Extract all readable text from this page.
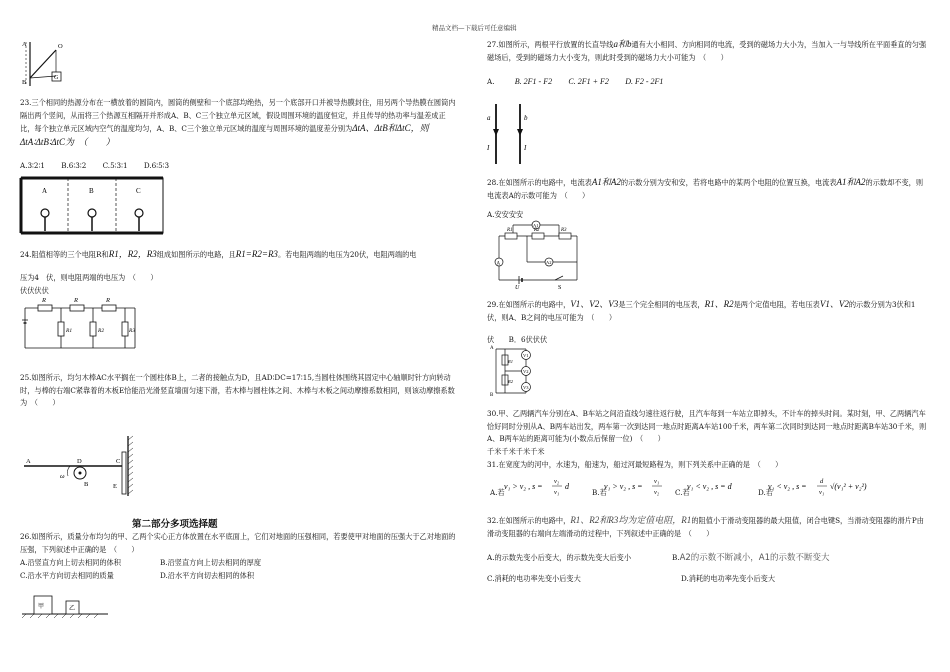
精品文档—下载后可任意编辑
A	O
B
G
23.三个相同的热源分布在一横放着的圆筒内，圆筒的侧壁和一个底部均绝热，另一个底部开口并被导热膜封住，用另两个导热膜在圆筒内隔出两个竖间，从而将三个热源互相隔开并形成A、B、C三个独立单元区域，假设周围环境的温度恒定，并且传导的热功率与温差成正比，每个独立单元区域内空气的温度均匀，A、B、C三个独立单元区域的温度与周围环境的温度差分别为ΔtA、ΔtB和ΔtC，则ΔtA∶ΔtB∶ΔtC为　（　　）
A.3∶2∶1 B.6∶3∶2 C.5∶3∶1 D.6∶5∶3
A	B	C
24.阻值相等的三个电阻R和R1，R2，R3组成如图所示的电路，且R1=R2=R3。若电阻两端的电压为20伏，电阻两端的电
压为4　伏，则电阻两端的电压为　（　　）
伏伏伏伏
R	R	R
R1	R2	R3
25.如图所示，均匀木棒AC水平搁在一个圆柱体B上，二者的接触点为D，且AD∶DC=17∶15,当圆柱体围绕其固定中心轴顺时针方向转动时，与棒的右端C紧靠着的木板E恰能沿光滑竖直墙面匀速下滑，若木棒与圆柱体之间、木棒与木板之间动摩擦系数相同，则该动摩擦系数为　（　　）
A	D	C
E
B
ω
第二部分多项选择题
26.如图所示，质量分布均匀的甲、乙两个实心正方体放置在水平底面上，它们对地面的压强相同，若要使甲对地面的压强大于乙对地面的压强，下列叙述中正确的是　（　　）
A.沿竖直方向上切去相同的体积	B.沿竖直方向上切去相同的厚度
C.沿水平方向切去相同的质量	D.沿水平方向切去相同的体积
甲	乙
27.如图所示，两根平行放置的长直导线a和b通有大小相同、方向相同的电流，受到的磁场力大小为，当加入一与导线所在平面垂直的匀强磁场后，受到的磁场力大小变为，则此时受到的磁场力大小可能为　（　　）
A.	B. 2F1 - F2 C. 2F1 + F2 D. F2 - 2F1
a	b
I	I
28.在如图所示的电路中，电流表A1和A2的示数分别为安和安，若将电路中的某两个电阻的位置互换，电流表A1和A2的示数却不变，则电流表A的示数可能为　（　　）
A.安安安安
R1	R2	R3
A
A1
A2
U	S
29.在如图所示的电路中，V1、V2、V3是三个完全相同的电压表，R1、R2是两个定值电阻，若电压表V1、V2的示数分别为3伏和1伏，则A、B之间的电压可能为　（　　）
伏　　B．6伏伏伏
A
B
R1
R2
V1
V2
V3
30.甲、乙两辆汽车分别在A、B车站之间沿直线匀速往返行驶，且汽车每到一车站立即掉头，不计车的掉头时间。某时刻，甲、乙两辆汽车恰好同时分别从A、B两车站出发，两车第一次到达同一地点时距离A车站100千米，两车第二次同时到达同一地点时距离B车站30千米，则A、B两车站的距离可能为(小数点后保留一位)　（　　）
千米千米千米千米
31.在宽度为的河中，水速为，船速为，船过河最短路程为，则下列关系中正确的是　（　　）
A.若	B.若	C.若	D.若
v₁ > v₂ , s =
v₂
v₁
d	v₁ > v₂ , s =
v₁
v₂
v₁ < v₂ , s = d	v₁ < v₂ , s =
d
v₁
√(v₁² + v₂²)
32.在如图所示的电路中，R1、R2和R3均为定值电阻，R1的阻值小于滑动变阻器的最大阻值，闭合电键S，当滑动变阻器的滑片P由滑动变阻器的右端向左端滑动的过程中，下列叙述中正确的是　（　　）
A.的示数先变小后变大，的示数先变大后变小	B.A2的示数不断减小，A1的示数不断变大
C.消耗的电功率先变小后变大	D.消耗的电功率先变小后变大
